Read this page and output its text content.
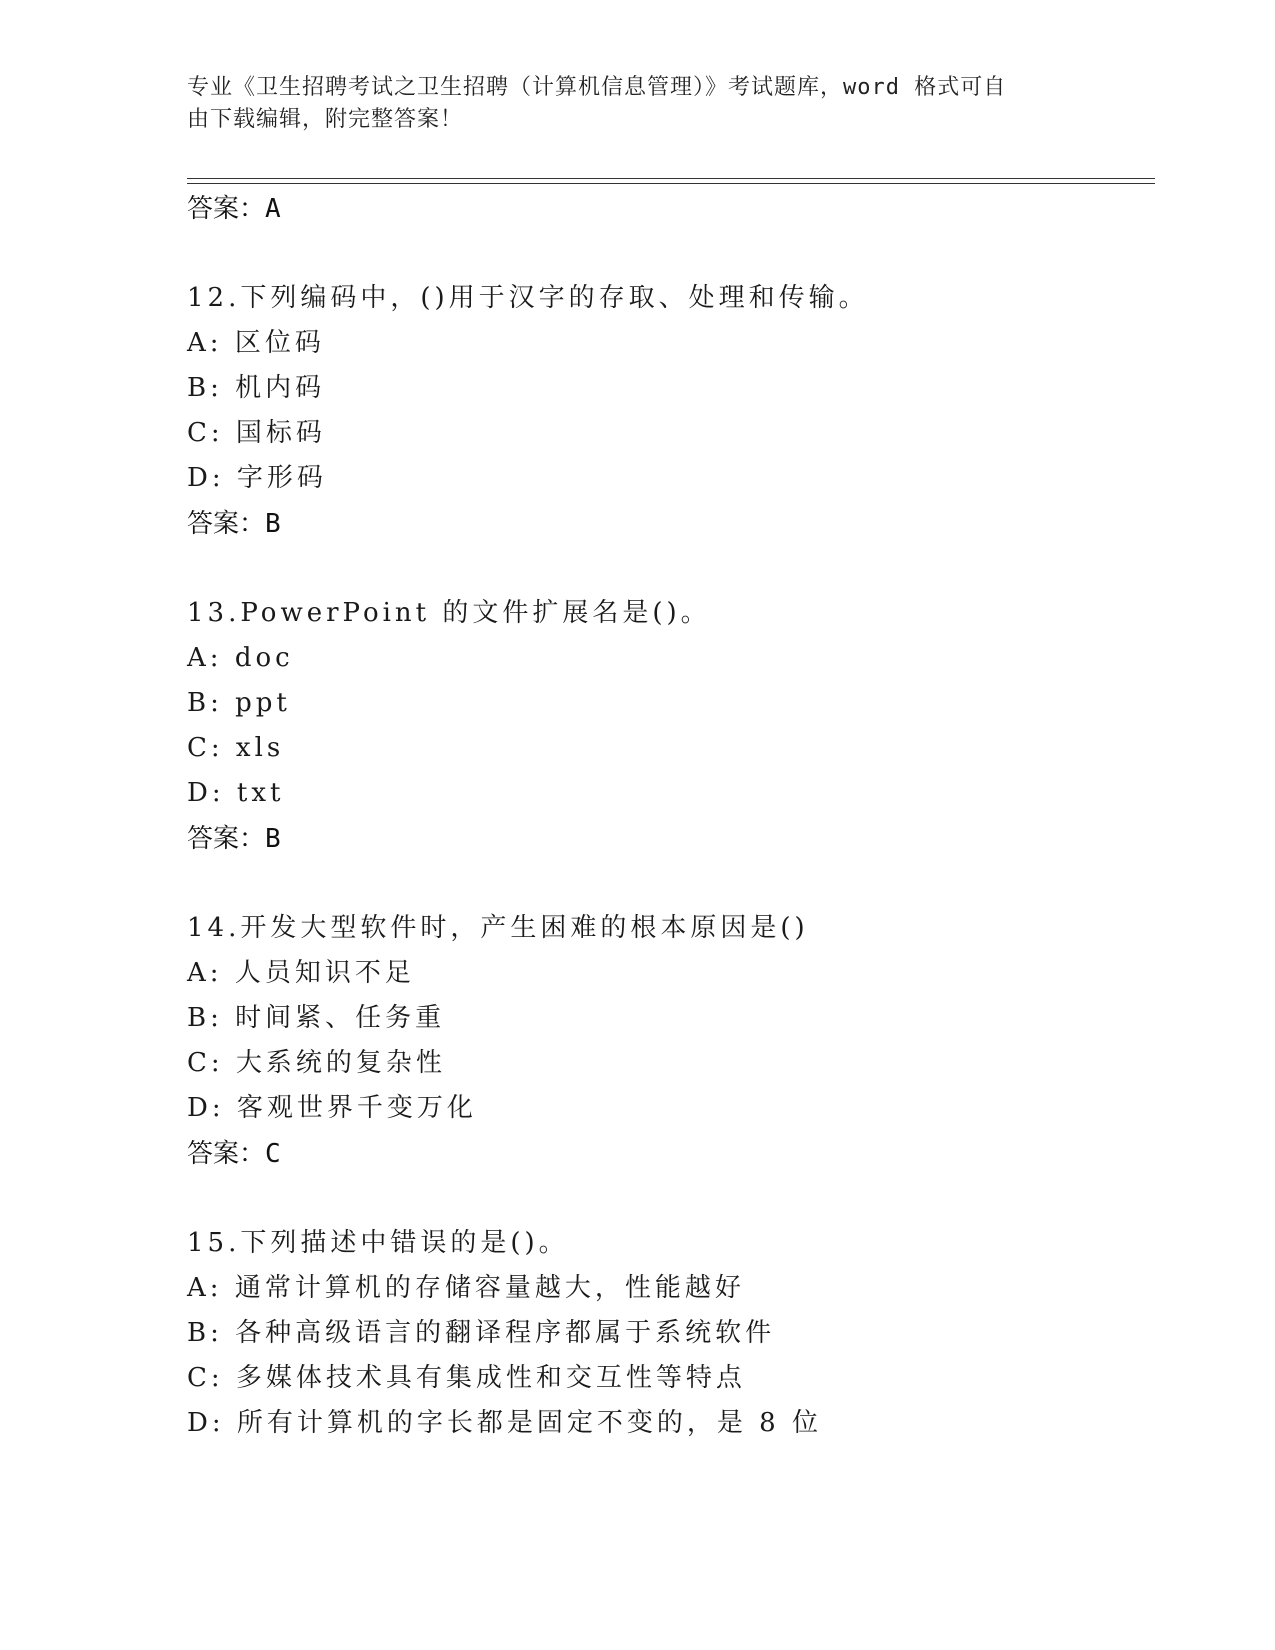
专业《卫生招聘考试之卫生招聘（计算机信息管理）》考试题库，word 格式可自
由下载编辑，附完整答案！
答案：A
12.下列编码中，()用于汉字的存取、处理和传输。
A: 区位码
B: 机内码
C: 国标码
D: 字形码
答案：B
13.PowerPoint 的文件扩展名是()。
A: doc
B: ppt
C: xls
D: txt
答案：B
14.开发大型软件时，产生困难的根本原因是()
A: 人员知识不足
B: 时间紧、任务重
C: 大系统的复杂性
D: 客观世界千变万化
答案：C
15.下列描述中错误的是()。
A: 通常计算机的存储容量越大，性能越好
B: 各种高级语言的翻译程序都属于系统软件
C: 多媒体技术具有集成性和交互性等特点
D: 所有计算机的字长都是固定不变的，是 8 位
